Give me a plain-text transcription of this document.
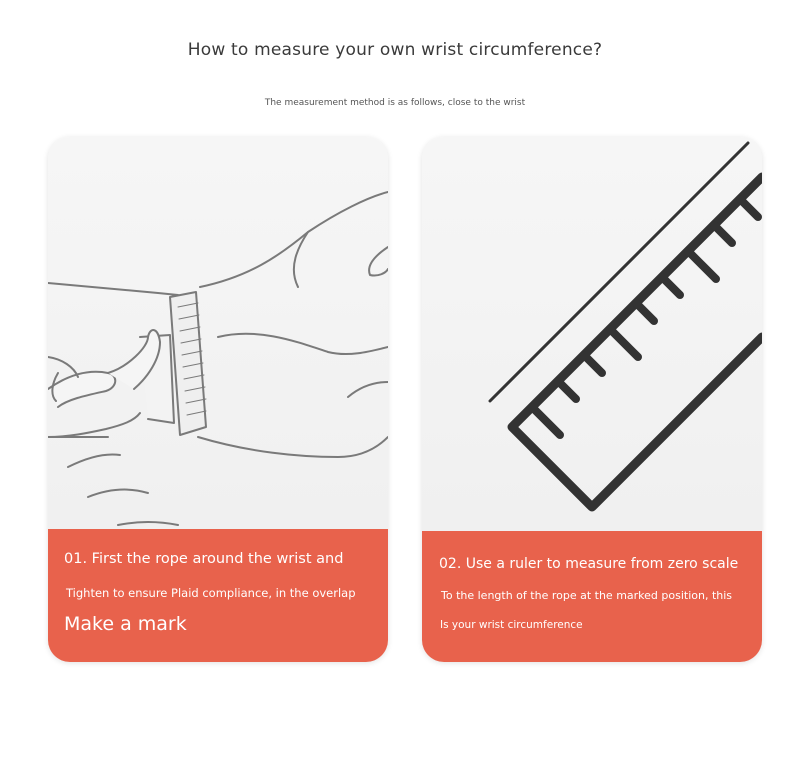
How to measure your own wrist circumference?
The measurement method is as follows, close to the wrist
01. First the rope around the wrist and
Tighten to ensure Plaid compliance, in the overlap
Make a mark
02. Use a ruler to measure from zero scale
To the length of the rope at the marked position, this
Is your wrist circumference
